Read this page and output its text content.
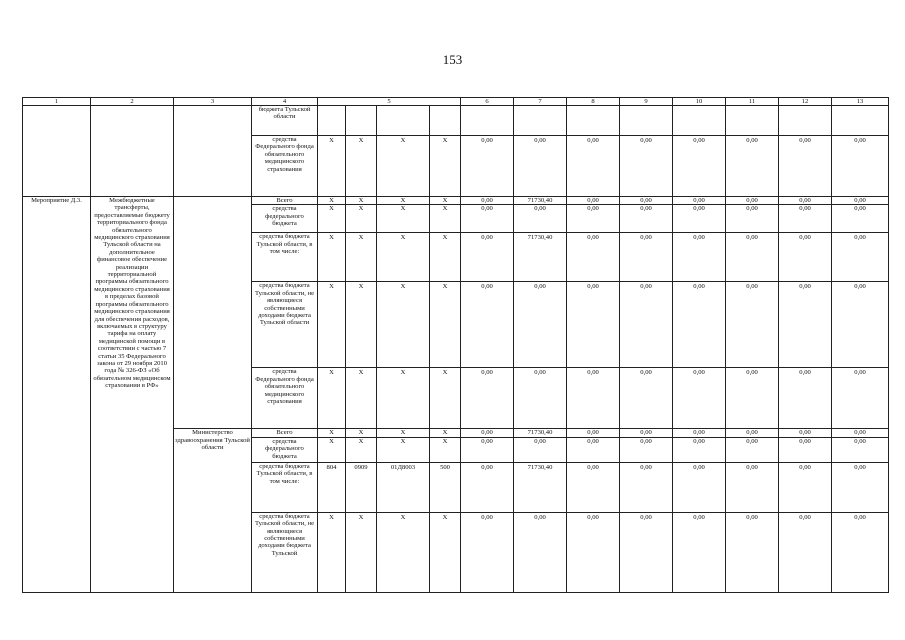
153
1	2	3	4	5				6	7	8	9	10	11	12	13
			бюджета Тульской области												
			средства Федерального фонда обязательного медицинского страхования	Х	Х	Х	Х	0,00	0,00	0,00	0,00	0,00	0,00	0,00	0,00
Мероприятие Д.3.	Межбюджетные трансферты, предоставляемые бюджету территориального фонда обязательного медицинского страхования Тульской области на дополнительное финансовое обеспечение реализации территориальной программы обязательного медицинского страхования в пределах базовой программы обязательного медицинского страхования для обеспечения расходов, включаемых в структуру тарифа на оплату медицинской помощи в соответствии с частью 7 статьи 35 Федерального закона от 29 ноября 2010 года № 326-ФЗ «Об обязательном медицинском страховании в РФ»		Всего	Х	Х	Х	Х	0,00	71730,40	0,00	0,00	0,00	0,00	0,00	0,00
			средства федерального бюджета	Х	Х	Х	Х	0,00	0,00	0,00	0,00	0,00	0,00	0,00	0,00
			средства бюджета Тульской области, в том числе:	Х	Х	Х	Х	0,00	71730,40	0,00	0,00	0,00	0,00	0,00	0,00
			средства бюджета Тульской области, не являющиеся собственными доходами бюджета Тульской области	Х	Х	Х	Х	0,00	0,00	0,00	0,00	0,00	0,00	0,00	0,00
			средства Федерального фонда обязательного медицинского страхования	Х	Х	Х	Х	0,00	0,00	0,00	0,00	0,00	0,00	0,00	0,00
		Министерство здравоохранения Тульской области	Всего	Х	Х	Х	Х	0,00	71730,40	0,00	0,00	0,00	0,00	0,00	0,00
			средства федерального бюджета	Х	Х	Х	Х	0,00	0,00	0,00	0,00	0,00	0,00	0,00	0,00
			средства бюджета Тульской области, в том числе:	804	0909	01Д8003	500	0,00	71730,40	0,00	0,00	0,00	0,00	0,00	0,00
			средства бюджета Тульской области, не являющиеся собственными доходами бюджета Тульской	Х	Х	Х	Х	0,00	0,00	0,00	0,00	0,00	0,00	0,00	0,00
